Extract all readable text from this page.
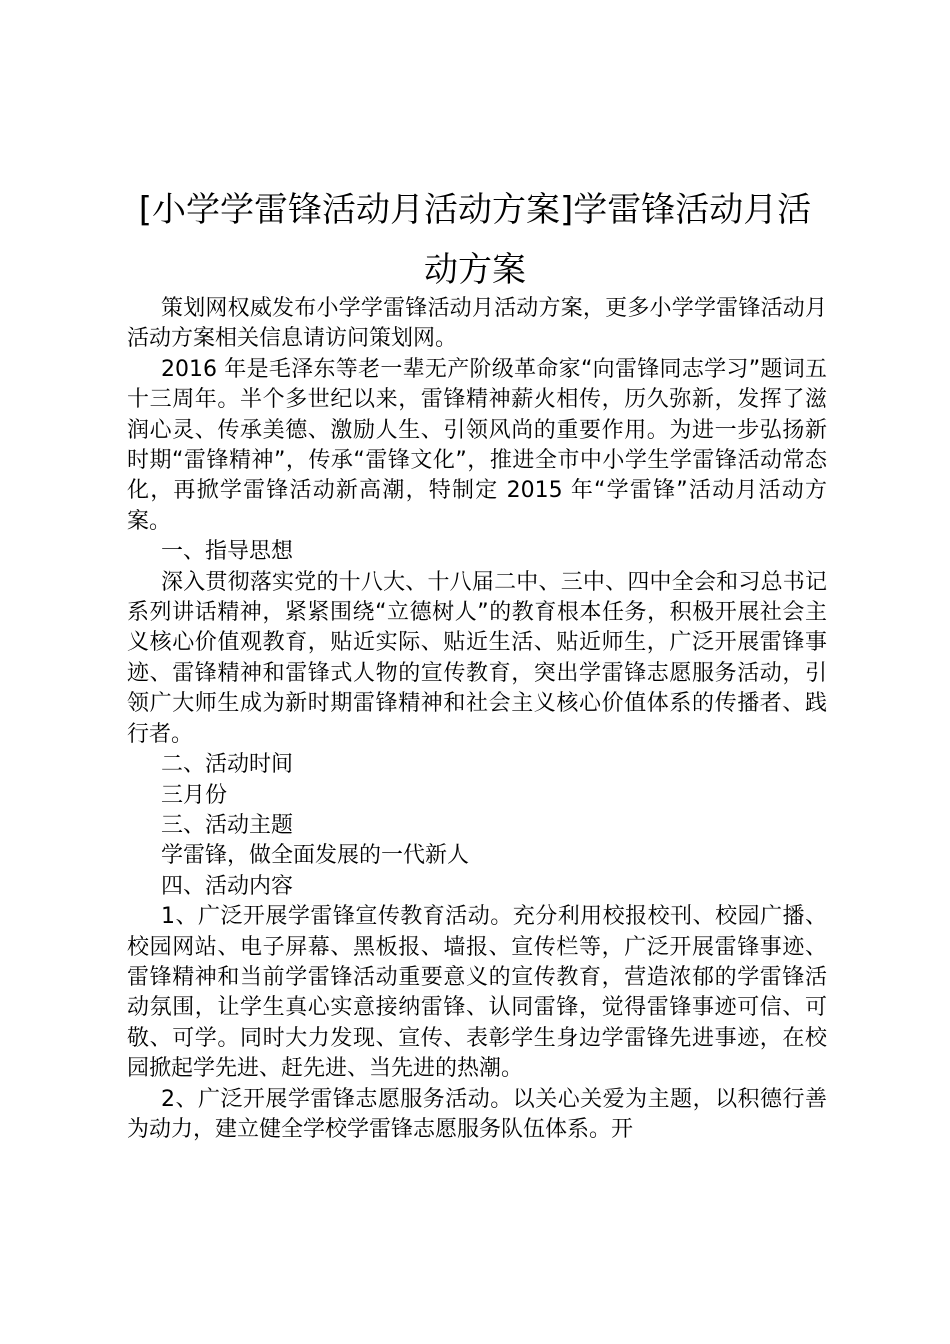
[小学学雷锋活动月活动方案]学雷锋活动月活
动方案

策划网权威发布小学学雷锋活动月活动方案，更多小学学雷锋活动月活动方案相关信息请访问策划网。

2016 年是毛泽东等老一辈无产阶级革命家“向雷锋同志学习”题词五十三周年。半个多世纪以来，雷锋精神薪火相传，历久弥新，发挥了滋润心灵、传承美德、激励人生、引领风尚的重要作用。为进一步弘扬新时期“雷锋精神”，传承“雷锋文化”，推进全市中小学生学雷锋活动常态化，再掀学雷锋活动新高潮，特制定 2015 年“学雷锋”活动月活动方案。

一、指导思想

深入贯彻落实党的十八大、十八届二中、三中、四中全会和习总书记系列讲话精神，紧紧围绕“立德树人”的教育根本任务，积极开展社会主义核心价值观教育，贴近实际、贴近生活、贴近师生，广泛开展雷锋事迹、雷锋精神和雷锋式人物的宣传教育，突出学雷锋志愿服务活动，引领广大师生成为新时期雷锋精神和社会主义核心价值体系的传播者、践行者。

二、活动时间

三月份

三、活动主题

学雷锋，做全面发展的一代新人

四、活动内容

1、广泛开展学雷锋宣传教育活动。充分利用校报校刊、校园广播、校园网站、电子屏幕、黑板报、墙报、宣传栏等，广泛开展雷锋事迹、雷锋精神和当前学雷锋活动重要意义的宣传教育，营造浓郁的学雷锋活动氛围，让学生真心实意接纳雷锋、认同雷锋，觉得雷锋事迹可信、可敬、可学。同时大力发现、宣传、表彰学生身边学雷锋先进事迹，在校园掀起学先进、赶先进、当先进的热潮。

2、广泛开展学雷锋志愿服务活动。以关心关爱为主题，以积德行善为动力，建立健全学校学雷锋志愿服务队伍体系。开
